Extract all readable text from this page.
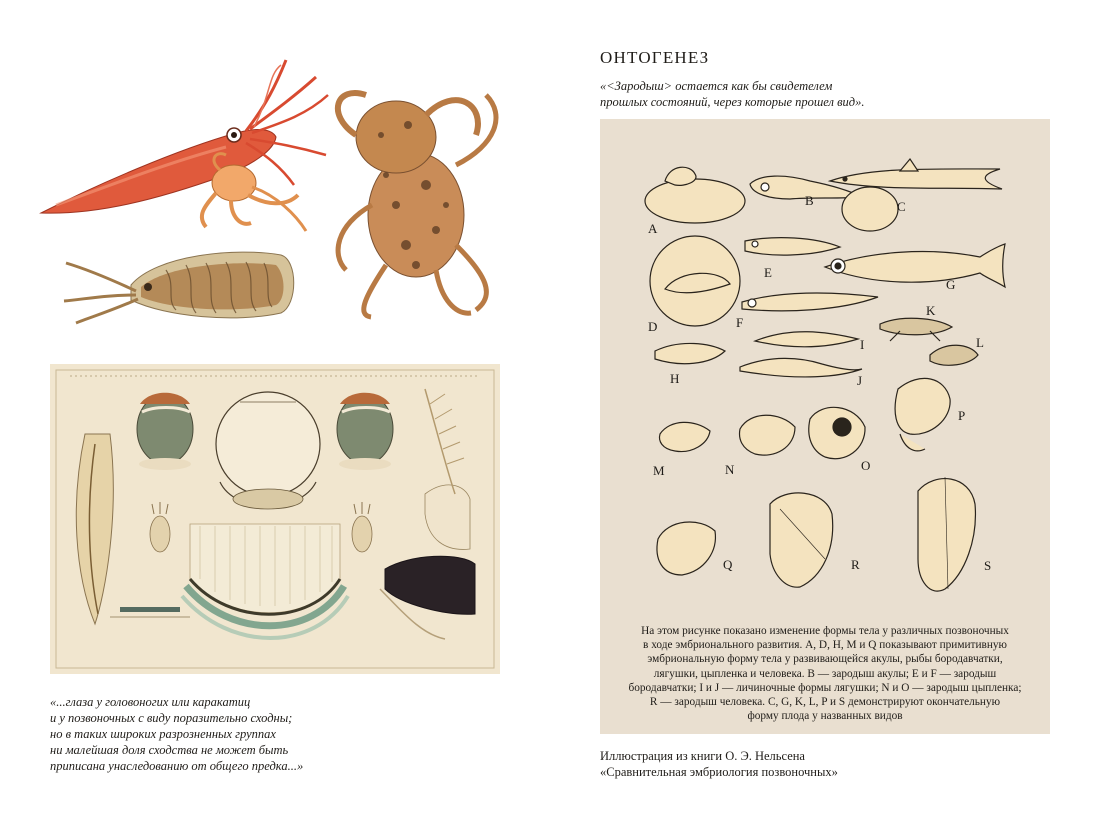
«...глаза у головоногих или каракатиц
и у позвоночных с виду поразительно сходны;
но в таких широких разрозненных группах
ни малейшая доля сходства не может быть
приписана унаследованию от общего предка...»
ОНТОГЕНЕЗ
«<Зародыш> остается как бы свидетелем
прошлых состояний, через которые прошел вид».
A
B	C
D
E
F
G
H
I
J
K
L
M	N	O
P
Q	R	S
На этом рисунке показано изменение формы тела у различных позвоночных
в ходе эмбрионального развития. A, D, H, M и Q показывают примитивную
эмбриональную форму тела у развивающейся акулы, рыбы бородавчатки,
лягушки, цыпленка и человека. B — зародыш акулы; E и F — зародыш
бородавчатки; I и J — личиночные формы лягушки; N и O — зародыш цыпленка;
R — зародыш человека. C, G, K, L, P и S демонстрируют окончательную
форму плода у названных видов
Иллюстрация из книги О. Э. Нельсена
«Сравнительная эмбриология позвоночных»
